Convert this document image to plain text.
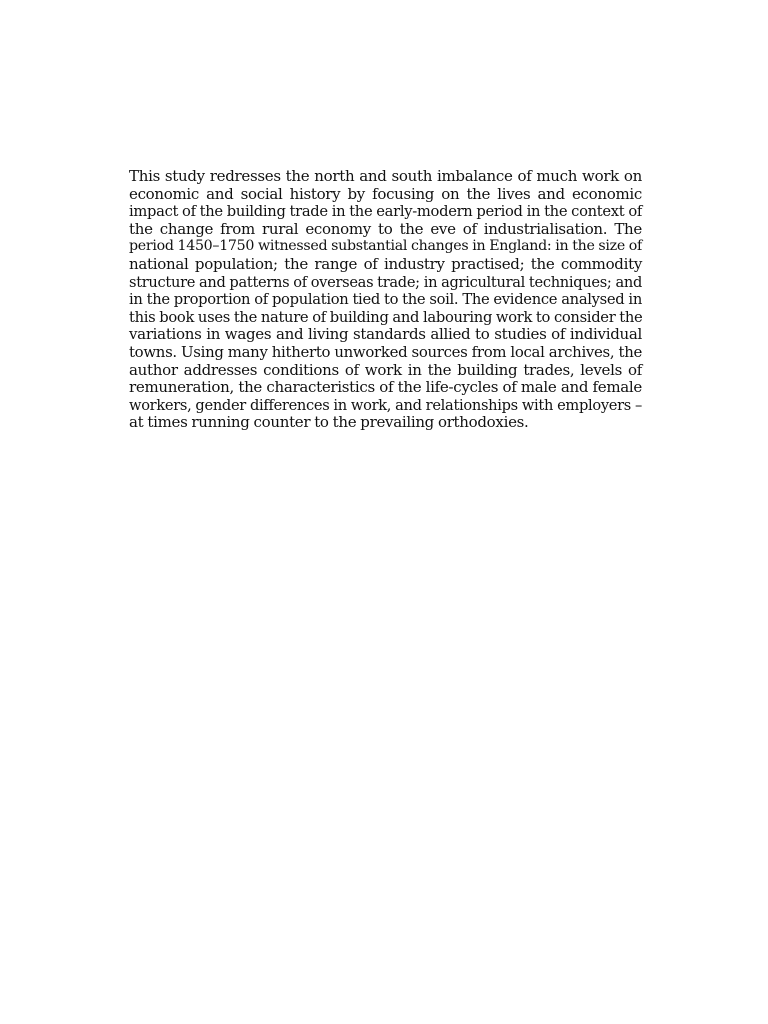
This study redresses the north and south imbalance of much work on
economic and social history by focusing on the lives and economic
impact of the building trade in the early-modern period in the context of
the change from rural economy to the eve of industrialisation. The
period 1450–1750 witnessed substantial changes in England: in the size of
national population; the range of industry practised; the commodity
structure and patterns of overseas trade; in agricultural techniques; and
in the proportion of population tied to the soil. The evidence analysed in
this book uses the nature of building and labouring work to consider the
variations in wages and living standards allied to studies of individual
towns. Using many hitherto unworked sources from local archives, the
author addresses conditions of work in the building trades, levels of
remuneration, the characteristics of the life-cycles of male and female
workers, gender differences in work, and relationships with employers –
at times running counter to the prevailing orthodoxies.
